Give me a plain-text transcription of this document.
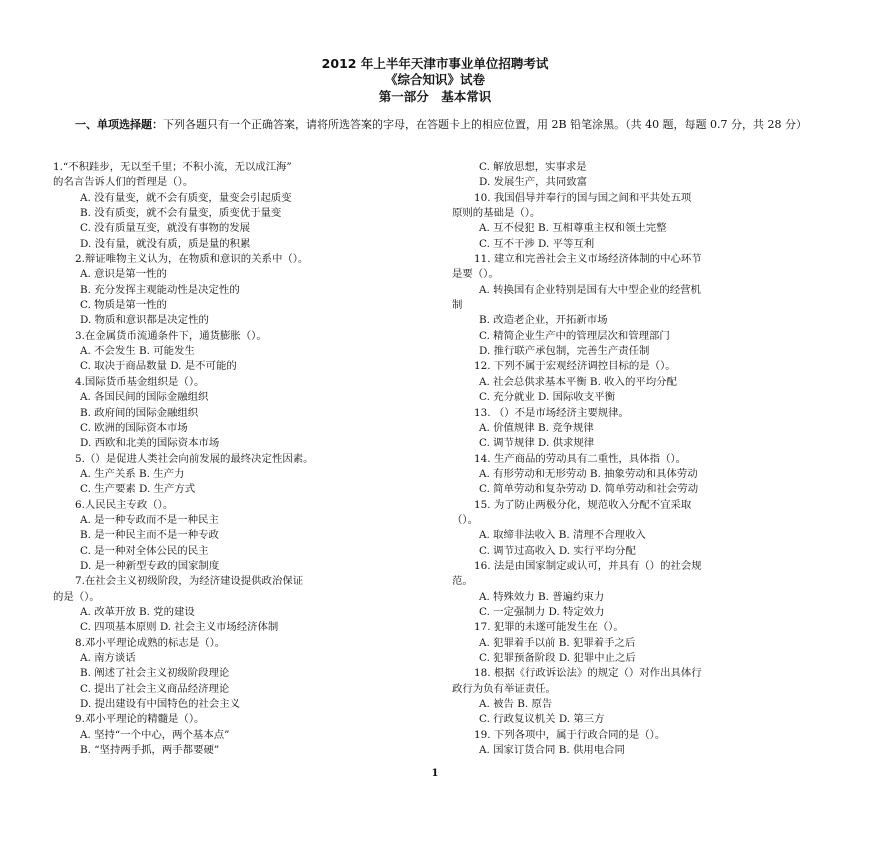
2012 年上半年天津市事业单位招聘考试
《综合知识》试卷
第一部分　基本常识
一、单项选择题：下列各题只有一个正确答案，请将所选答案的字母，在答题卡上的相应位置，用 2B 铅笔涂黑。（共 40 题，每题 0.7 分，共 28 分）
1.“不积跬步，无以至千里；不积小流，无以成江海”
的名言告诉人们的哲理是（）。
A. 没有量变，就不会有质变，量变会引起质变
B. 没有质变，就不会有量变，质变优于量变
C. 没有质量互变，就没有事物的发展
D. 没有量，就没有质，质是量的积累
2.辩证唯物主义认为，在物质和意识的关系中（）。
A. 意识是第一性的
B. 充分发挥主观能动性是决定性的
C. 物质是第一性的
D. 物质和意识都是决定性的
3.在金属货币流通条件下，通货膨胀（）。
A. 不会发生 B. 可能发生
C. 取决于商品数量 D. 是不可能的
4.国际货币基金组织是（）。
A. 各国民间的国际金融组织
B. 政府间的国际金融组织
C. 欧洲的国际资本市场
D. 西欧和北美的国际资本市场
5.（）是促进人类社会向前发展的最终决定性因素。
A. 生产关系 B. 生产力
C. 生产要素 D. 生产方式
6.人民民主专政（）。
A. 是一种专政而不是一种民主
B. 是一种民主而不是一种专政
C. 是一种对全体公民的民主
D. 是一种新型专政的国家制度
7.在社会主义初级阶段，为经济建设提供政治保证
的是（）。
A. 改革开放 B. 党的建设
C. 四项基本原则 D. 社会主义市场经济体制
8.邓小平理论成熟的标志是（）。
A. 南方谈话
B. 阐述了社会主义初级阶段理论
C. 提出了社会主义商品经济理论
D. 提出建设有中国特色的社会主义
9.邓小平理论的精髓是（）。
A. 坚持“一个中心，两个基本点”
B. “坚持两手抓，两手都要硬”
C. 解放思想，实事求是
D. 发展生产，共同致富
10. 我国倡导并奉行的国与国之间和平共处五项
原则的基础是（）。
A. 互不侵犯 B. 互相尊重主权和领土完整
C. 互不干涉 D. 平等互利
11. 建立和完善社会主义市场经济体制的中心环节
是要（）。
A. 转换国有企业特别是国有大中型企业的经营机
制
B. 改造老企业，开拓新市场
C. 精简企业生产中的管理层次和管理部门
D. 推行联产承包制，完善生产责任制
12. 下列不属于宏观经济调控目标的是（）。
A. 社会总供求基本平衡 B. 收入的平均分配
C. 充分就业 D. 国际收支平衡
13. （）不是市场经济主要规律。
A. 价值规律 B. 竞争规律
C. 调节规律 D. 供求规律
14. 生产商品的劳动具有二重性，具体指（）。
A. 有形劳动和无形劳动 B. 抽象劳动和具体劳动
C. 简单劳动和复杂劳动 D. 简单劳动和社会劳动
15. 为了防止两极分化，规范收入分配不宜采取
（）。
A. 取缔非法收入 B. 清理不合理收入
C. 调节过高收入 D. 实行平均分配
16. 法是由国家制定或认可，并具有（）的社会规
范。
A. 特殊效力 B. 普遍约束力
C. 一定强制力 D. 特定效力
17. 犯罪的未遂可能发生在（）。
A. 犯罪着手以前 B. 犯罪着手之后
C. 犯罪预备阶段 D. 犯罪中止之后
18. 根据《行政诉讼法》的规定（）对作出具体行
政行为负有举证责任。
A. 被告 B. 原告
C. 行政复议机关 D. 第三方
19. 下列各项中，属于行政合同的是（）。
A. 国家订货合同 B. 供用电合同
1
